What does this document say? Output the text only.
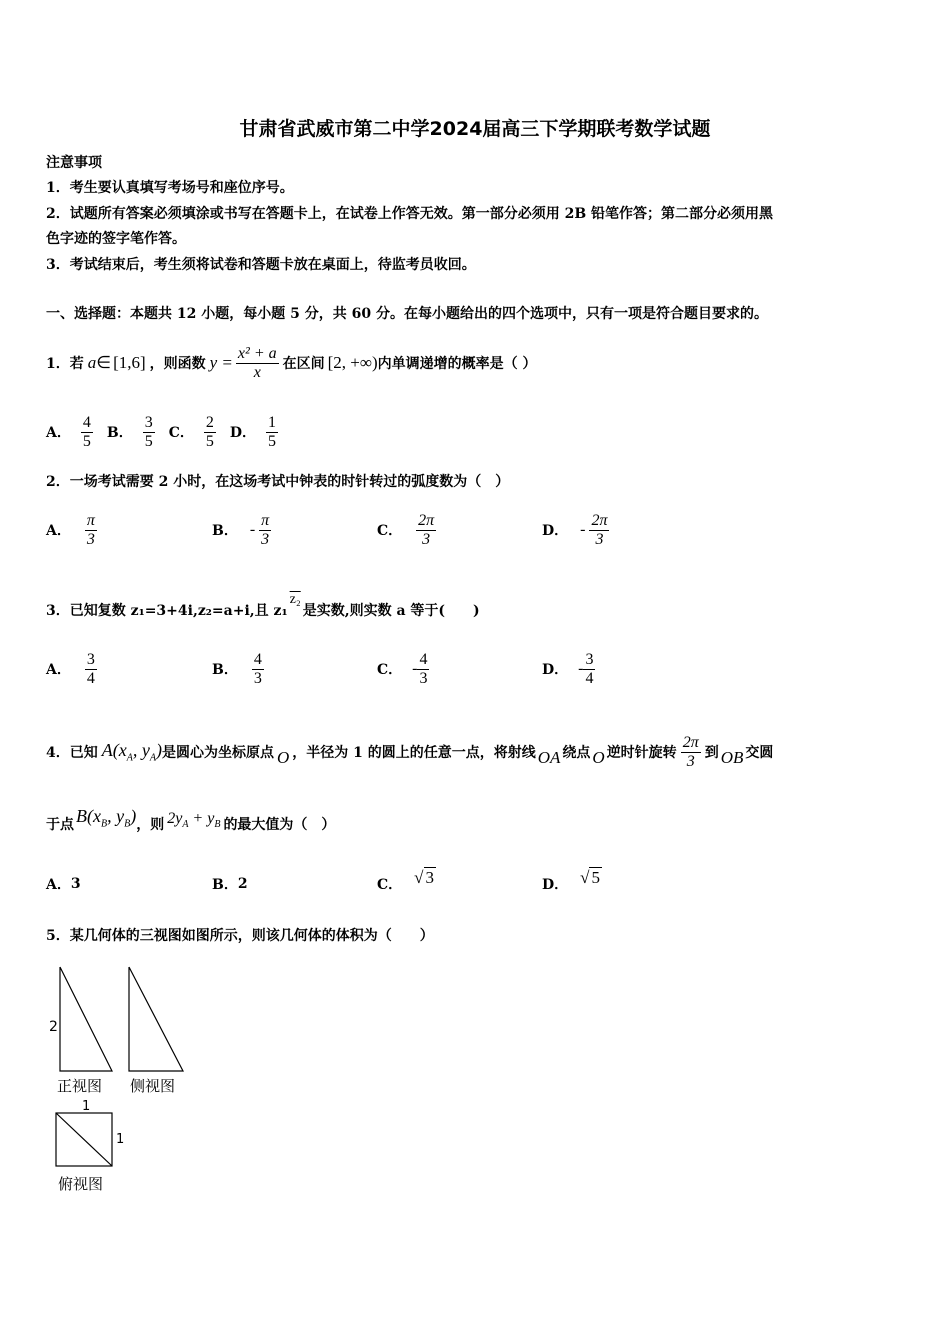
甘肃省武威市第二中学2024届高三下学期联考数学试题
注意事项
1．考生要认真填写考场号和座位序号。
2．试题所有答案必须填涂或书写在答题卡上，在试卷上作答无效。第一部分必须用 2B 铅笔作答；第二部分必须用黑
色字迹的签字笔作答。
3．考试结束后，考生须将试卷和答题卡放在桌面上，待监考员收回。
一、选择题：本题共 12 小题，每小题 5 分，共 60 分。在每小题给出的四个选项中，只有一项是符合题目要求的。
1．若 a ∈ [1,6] ，则函数 $y = \frac{\text{x² + a}}{x}$ 在区间 [2, +∞) 内单调递增的概率是（ ）
A． $\frac{4}{5}$ B． $\frac{3}{5}$ C． $\frac{2}{5}$ D． $\frac{1}{5}$
2．一场考试需要 2 小时，在这场考试中钟表的时针转过的弧度数为（　）
A． $\frac{\pi}{3}$	B． - $\frac{\pi}{3}$	C． $\frac{2\pi}{3}$	D． - $\frac{2\pi}{3}$
3．已知复数 z₁=3+4i,z₂=a+i,且 z₁
z₂
是实数,则实数 a 等于(　　)
A． $\frac{3}{4}$	B． $\frac{4}{3}$	C． - $\frac{4}{3}$	D． - $\frac{3}{4}$
4．已知 $A(x_A$, $y_A$) 是圆心为坐标原点 O ，半径为 1 的圆上的任意一点，将射线 OA 绕点 O 逆时针旋转 $\frac{2\pi}{3}$ 到 OB 交圆
于点 $B(x_B$, $y_B$) ，则 $2y_A + y_B$ 的最大值为（　）
A． 3	B． 2	C． √ 3	D． √ 5
5．某几何体的三视图如图所示，则该几何体的体积为（　　）
2
正视图 侧视图
1
1
俯视图
